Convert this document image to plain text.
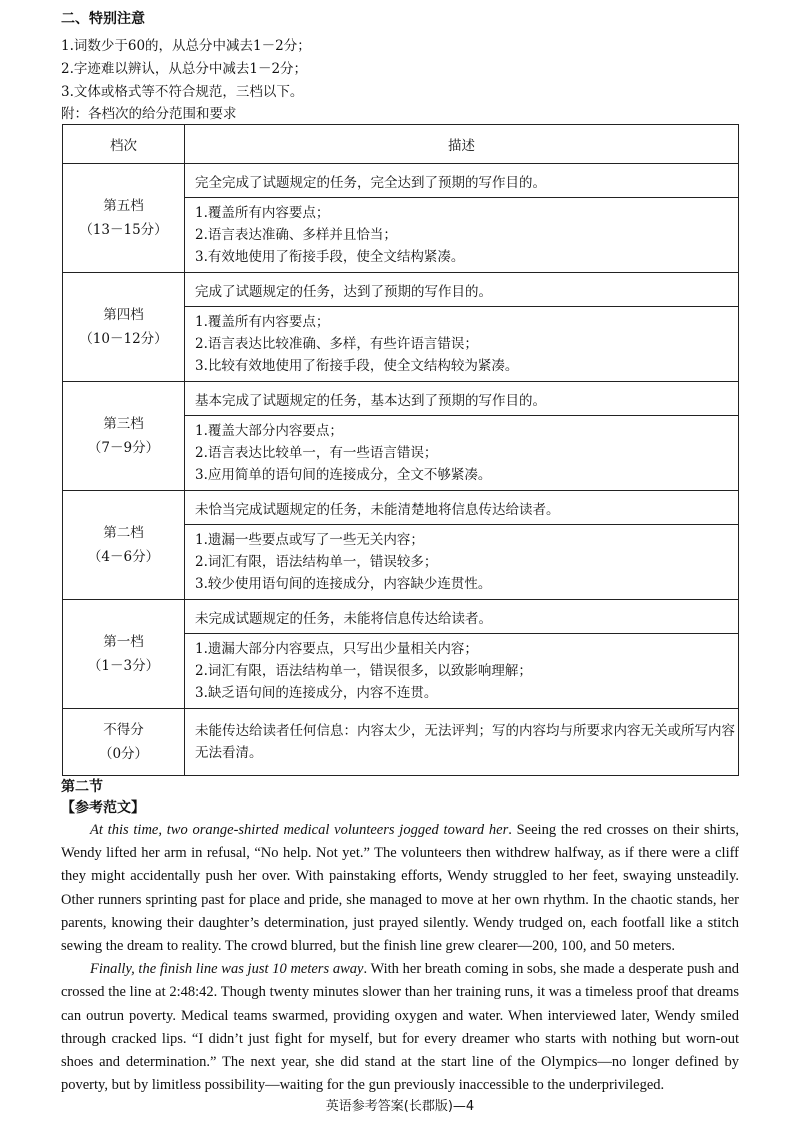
二、特别注意
1.词数少于60的，从总分中减去1－2分；
2.字迹难以辨认，从总分中减去1－2分；
3.文体或格式等不符合规范，三档以下。
附：各档次的给分范围和要求
档次	描述

第五档
（13－15分）	完全完成了试题规定的任务，完全达到了预期的写作目的。

	1.覆盖所有内容要点；
2.语言表达准确、多样并且恰当；
3.有效地使用了衔接手段，使全文结构紧凑。

第四档
（10－12分）	完成了试题规定的任务，达到了预期的写作目的。

	1.覆盖所有内容要点；
2.语言表达比较准确、多样，有些许语言错误；
3.比较有效地使用了衔接手段，使全文结构较为紧凑。

第三档
（7－9分）	基本完成了试题规定的任务，基本达到了预期的写作目的。

	1.覆盖大部分内容要点；
2.语言表达比较单一，有一些语言错误；
3.应用简单的语句间的连接成分，全文不够紧凑。

第二档
（4－6分）	未恰当完成试题规定的任务，未能清楚地将信息传达给读者。

	1.遗漏一些要点或写了一些无关内容；
2.词汇有限，语法结构单一，错误较多；
3.较少使用语句间的连接成分，内容缺少连贯性。

第一档
（1－3分）	未完成试题规定的任务，未能将信息传达给读者。

	1.遗漏大部分内容要点，只写出少量相关内容；
2.词汇有限，语法结构单一，错误很多，以致影响理解；
3.缺乏语句间的连接成分，内容不连贯。

不得分
（0分）	未能传达给读者任何信息：内容太少，无法评判；写的内容均与所要求内容无关或所写内容无法看清。
第二节
【参考范文】

At this time, two orange-shirted medical volunteers jogged toward her. Seeing the red crosses on their shirts, Wendy lifted her arm in refusal, “No help. Not yet.” The volunteers then withdrew halfway, as if there were a cliff they might accidentally push her over. With painstaking efforts, Wendy struggled to her feet, swaying unsteadily. Other runners sprinting past for place and pride, she managed to move at her own rhythm. In the chaotic stands, her parents, knowing their daughter’s determination, just prayed silently. Wendy trudged on, each footfall like a stitch sewing the dream to reality. The crowd blurred, but the finish line grew clearer—200, 100, and 50 meters.

Finally, the finish line was just 10 meters away. With her breath coming in sobs, she made a desperate push and crossed the line at 2:48:42. Though twenty minutes slower than her training runs, it was a timeless proof that dreams can outrun poverty. Medical teams swarmed, providing oxygen and water. When interviewed later, Wendy smiled through cracked lips. “I didn’t just fight for myself, but for every dreamer who starts with nothing but worn-out shoes and determination.” The next year, she did stand at the start line of the Olympics—no longer defined by poverty, but by limitless possibility—waiting for the gun previously inaccessible to the underprivileged.

英语参考答案(长郡版)—4
